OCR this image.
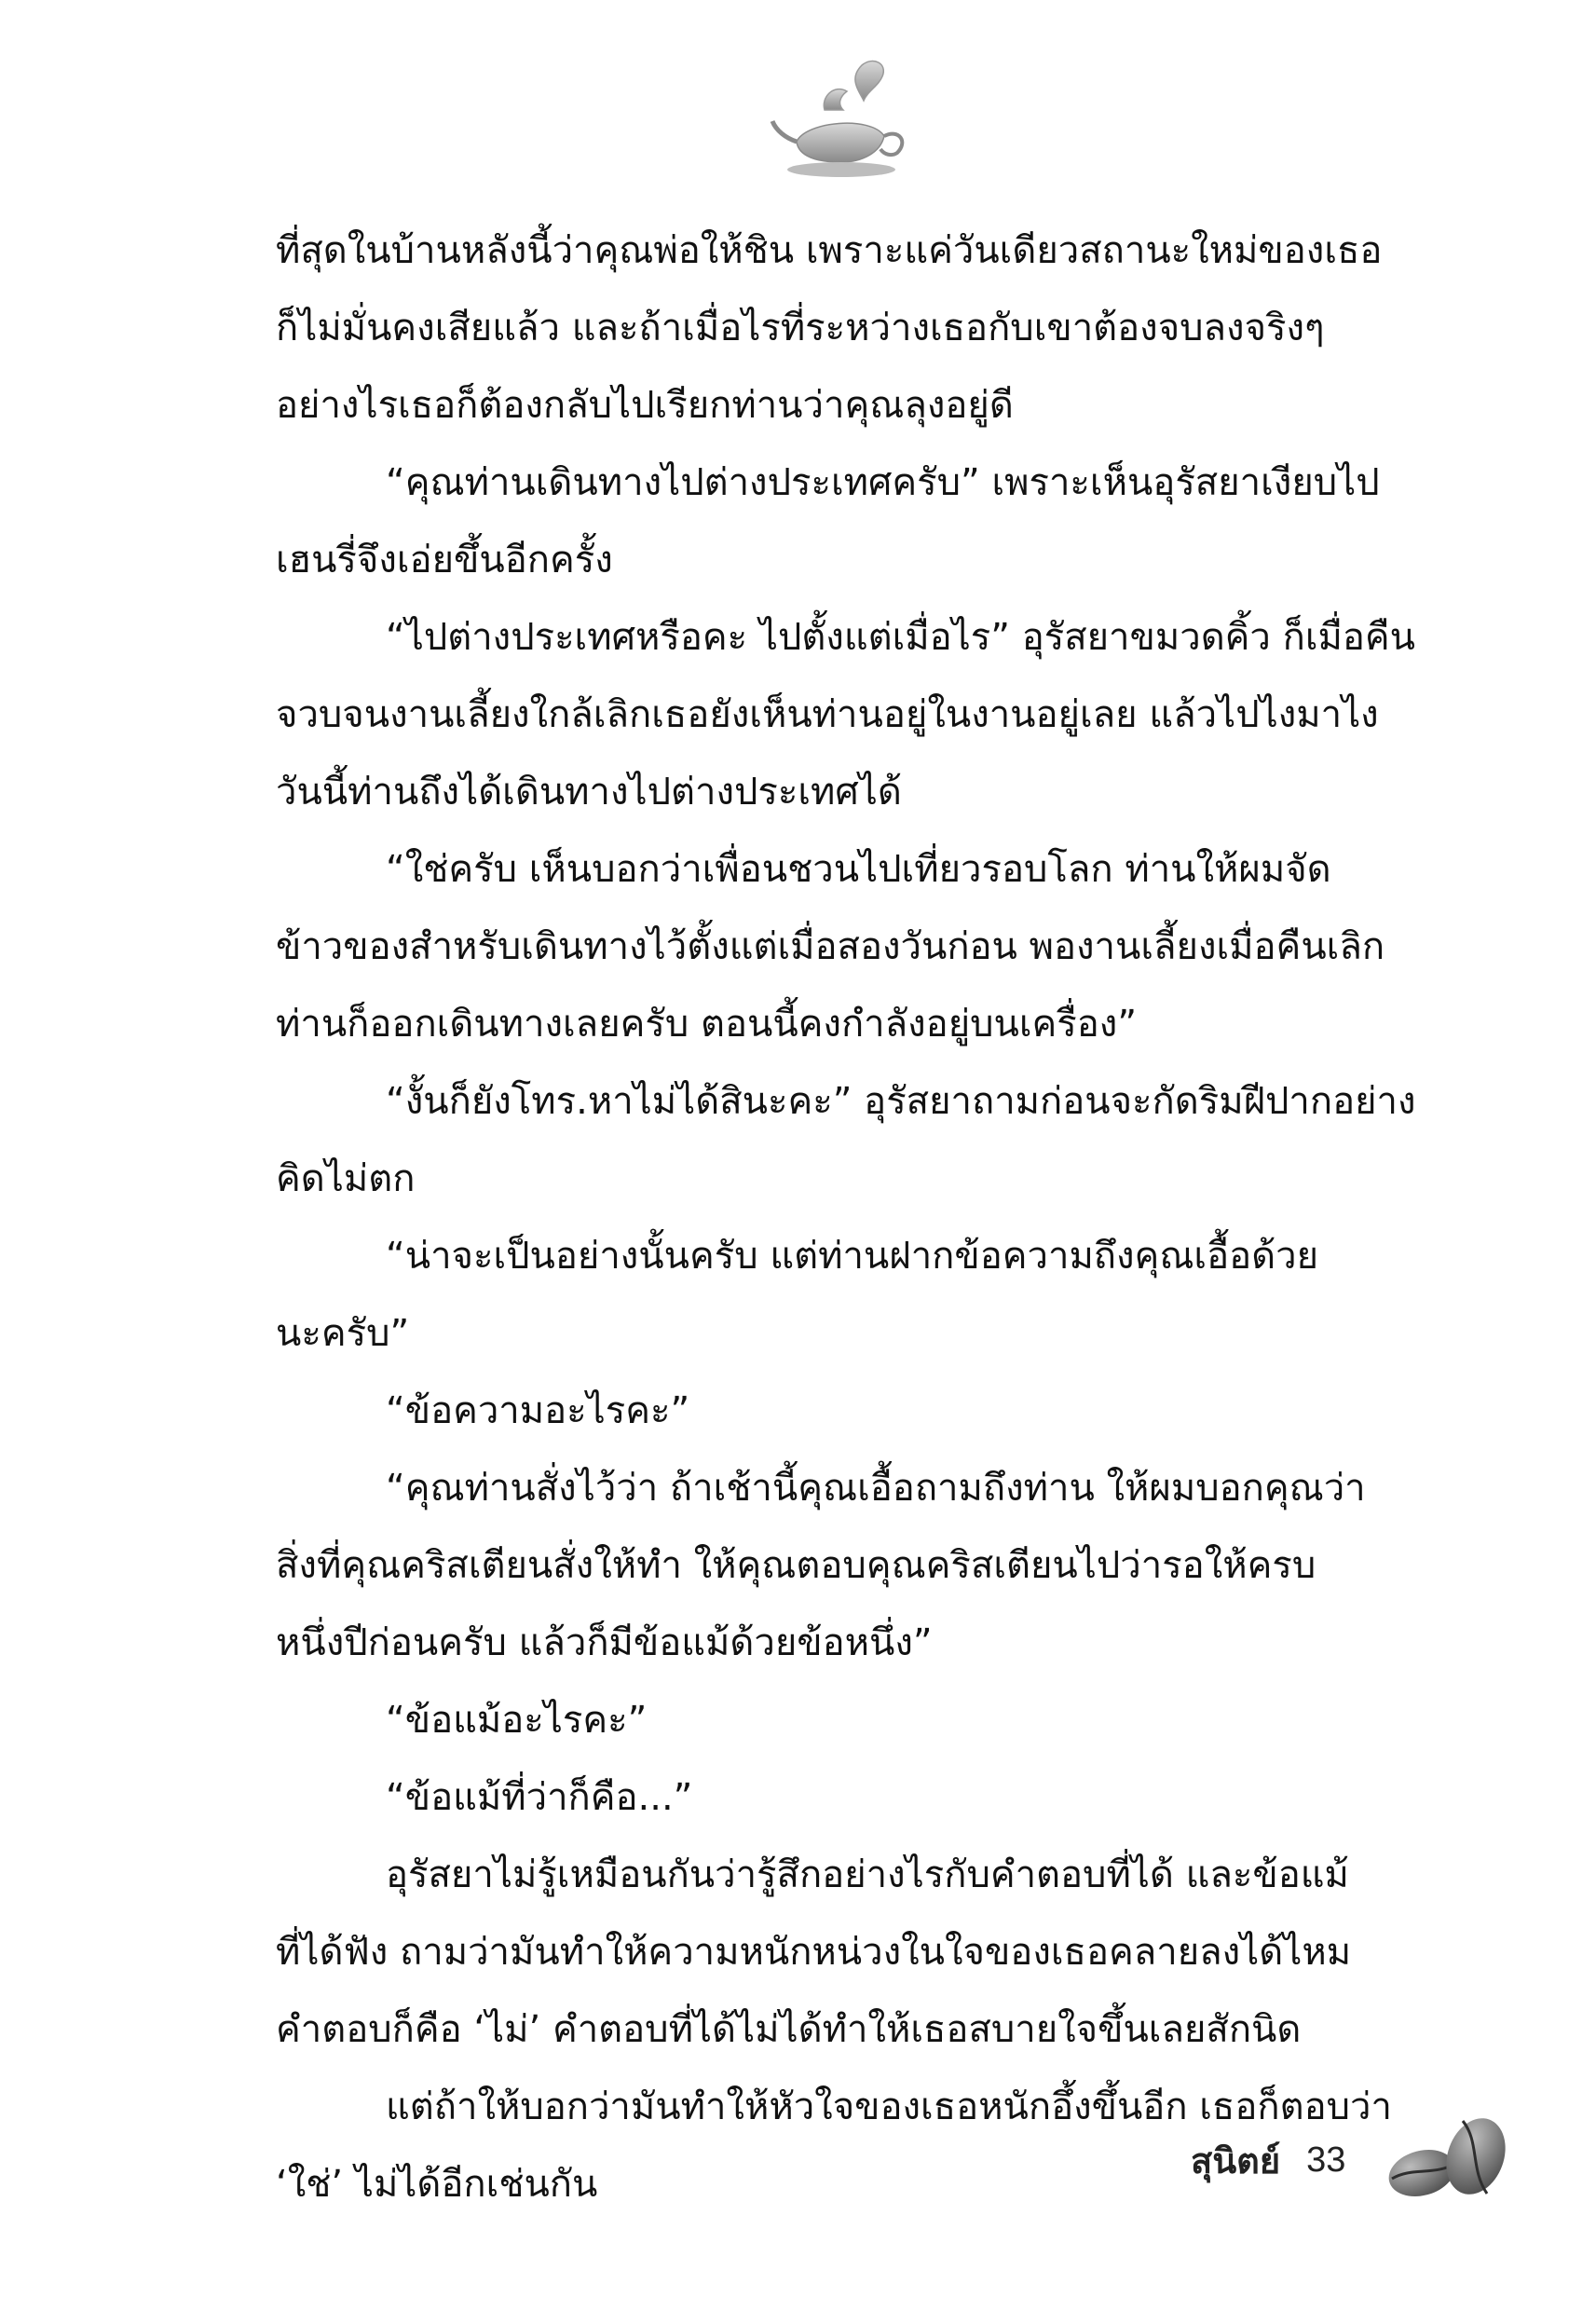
ที่สุดในบ้านหลังนี้ว่าคุณพ่อให้ชิน เพราะแค่วันเดียวสถานะใหม่ของเธอ
ก็ไม่มั่นคงเสียแล้ว และถ้าเมื่อไรที่ระหว่างเธอกับเขาต้องจบลงจริงๆ
อย่างไรเธอก็ต้องกลับไปเรียกท่านว่าคุณลุงอยู่ดี
“คุณท่านเดินทางไปต่างประเทศครับ” เพราะเห็นอุรัสยาเงียบไป
เฮนรี่จึงเอ่ยขึ้นอีกครั้ง
“ไปต่างประเทศหรือคะ ไปตั้งแต่เมื่อไร” อุรัสยาขมวดคิ้ว ก็เมื่อคืน
จวบจนงานเลี้ยงใกล้เลิกเธอยังเห็นท่านอยู่ในงานอยู่เลย แล้วไปไงมาไง
วันนี้ท่านถึงได้เดินทางไปต่างประเทศได้
“ใช่ครับ เห็นบอกว่าเพื่อนชวนไปเที่ยวรอบโลก ท่านให้ผมจัด
ข้าวของสำหรับเดินทางไว้ตั้งแต่เมื่อสองวันก่อน พองานเลี้ยงเมื่อคืนเลิก
ท่านก็ออกเดินทางเลยครับ ตอนนี้คงกำลังอยู่บนเครื่อง”
“งั้นก็ยังโทร.หาไม่ได้สินะคะ” อุรัสยาถามก่อนจะกัดริมฝีปากอย่าง
คิดไม่ตก
“น่าจะเป็นอย่างนั้นครับ แต่ท่านฝากข้อความถึงคุณเอื้อด้วย
นะครับ”
“ข้อความอะไรคะ”
“คุณท่านสั่งไว้ว่า ถ้าเช้านี้คุณเอื้อถามถึงท่าน ให้ผมบอกคุณว่า
สิ่งที่คุณคริสเตียนสั่งให้ทำ ให้คุณตอบคุณคริสเตียนไปว่ารอให้ครบ
หนึ่งปีก่อนครับ แล้วก็มีข้อแม้ด้วยข้อหนึ่ง”
“ข้อแม้อะไรคะ”
“ข้อแม้ที่ว่าก็คือ...”
อุรัสยาไม่รู้เหมือนกันว่ารู้สึกอย่างไรกับคำตอบที่ได้ และข้อแม้
ที่ได้ฟัง ถามว่ามันทำให้ความหนักหน่วงในใจของเธอคลายลงได้ไหม
คำตอบก็คือ ‘ไม่’ คำตอบที่ได้ไม่ได้ทำให้เธอสบายใจขึ้นเลยสักนิด
แต่ถ้าให้บอกว่ามันทำให้หัวใจของเธอหนักอึ้งขึ้นอีก เธอก็ตอบว่า
‘ใช่’ ไม่ได้อีกเช่นกัน
สุนิตย์ 33
